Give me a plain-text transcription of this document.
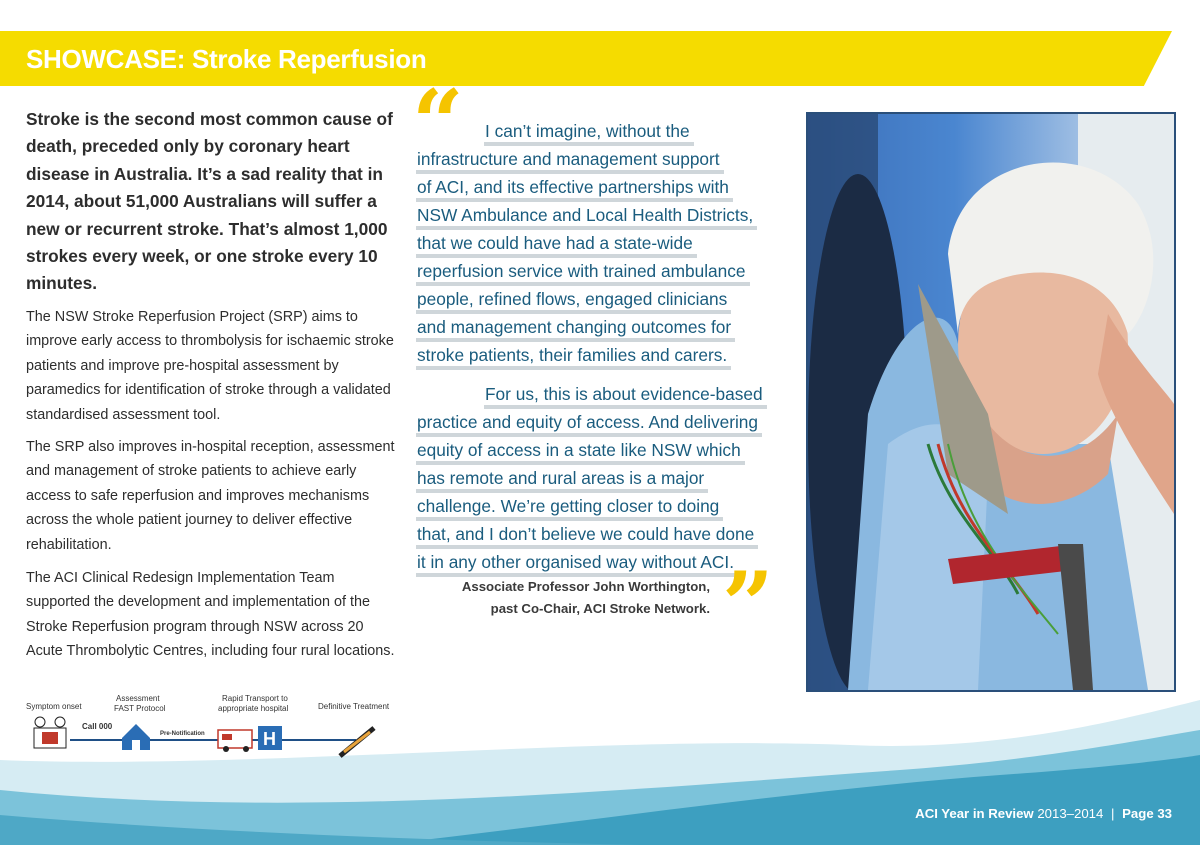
SHOWCASE: Stroke Reperfusion
Stroke is the second most common cause of death, preceded only by coronary heart disease in Australia. It’s a sad reality that in 2014, about 51,000 Australians will suffer a new or recurrent stroke. That’s almost 1,000 strokes every week, or one stroke every 10 minutes.
The NSW Stroke Reperfusion Project (SRP) aims to improve early access to thrombolysis for ischaemic stroke patients and improve pre-hospital assessment by paramedics for identification of stroke through a validated standardised assessment tool.
The SRP also improves in-hospital reception, assessment and management of stroke patients to achieve early access to safe reperfusion and improves mechanisms across the whole patient journey to deliver effective rehabilitation.
The ACI Clinical Redesign Implementation Team supported the development and implementation of the Stroke Reperfusion program through NSW across 20 Acute Thrombolytic Centres, including four rural locations.
Symptom onset
Assessment
FAST Protocol
Rapid Transport to
appropriate hospital	Definitive Treatment
Call 000
Pre-Notification	H
“	I can’t imagine, without the
infrastructure and management support
of ACI, and its effective partnerships with
NSW Ambulance and Local Health Districts,
that we could have had a state-wide
reperfusion service with trained ambulance
people, refined flows, engaged clinicians
and management changing outcomes for
stroke patients, their families and carers.
For us, this is about evidence-based
practice and equity of access. And delivering
equity of access in a state like NSW which
has remote and rural areas is a major
challenge. We’re getting closer to doing
that, and I don’t believe we could have done
it in any other organised way without ACI.
”
Associate Professor John Worthington,
past Co-Chair, ACI Stroke Network.
ACI Year in Review 2013–2014 | Page 33
